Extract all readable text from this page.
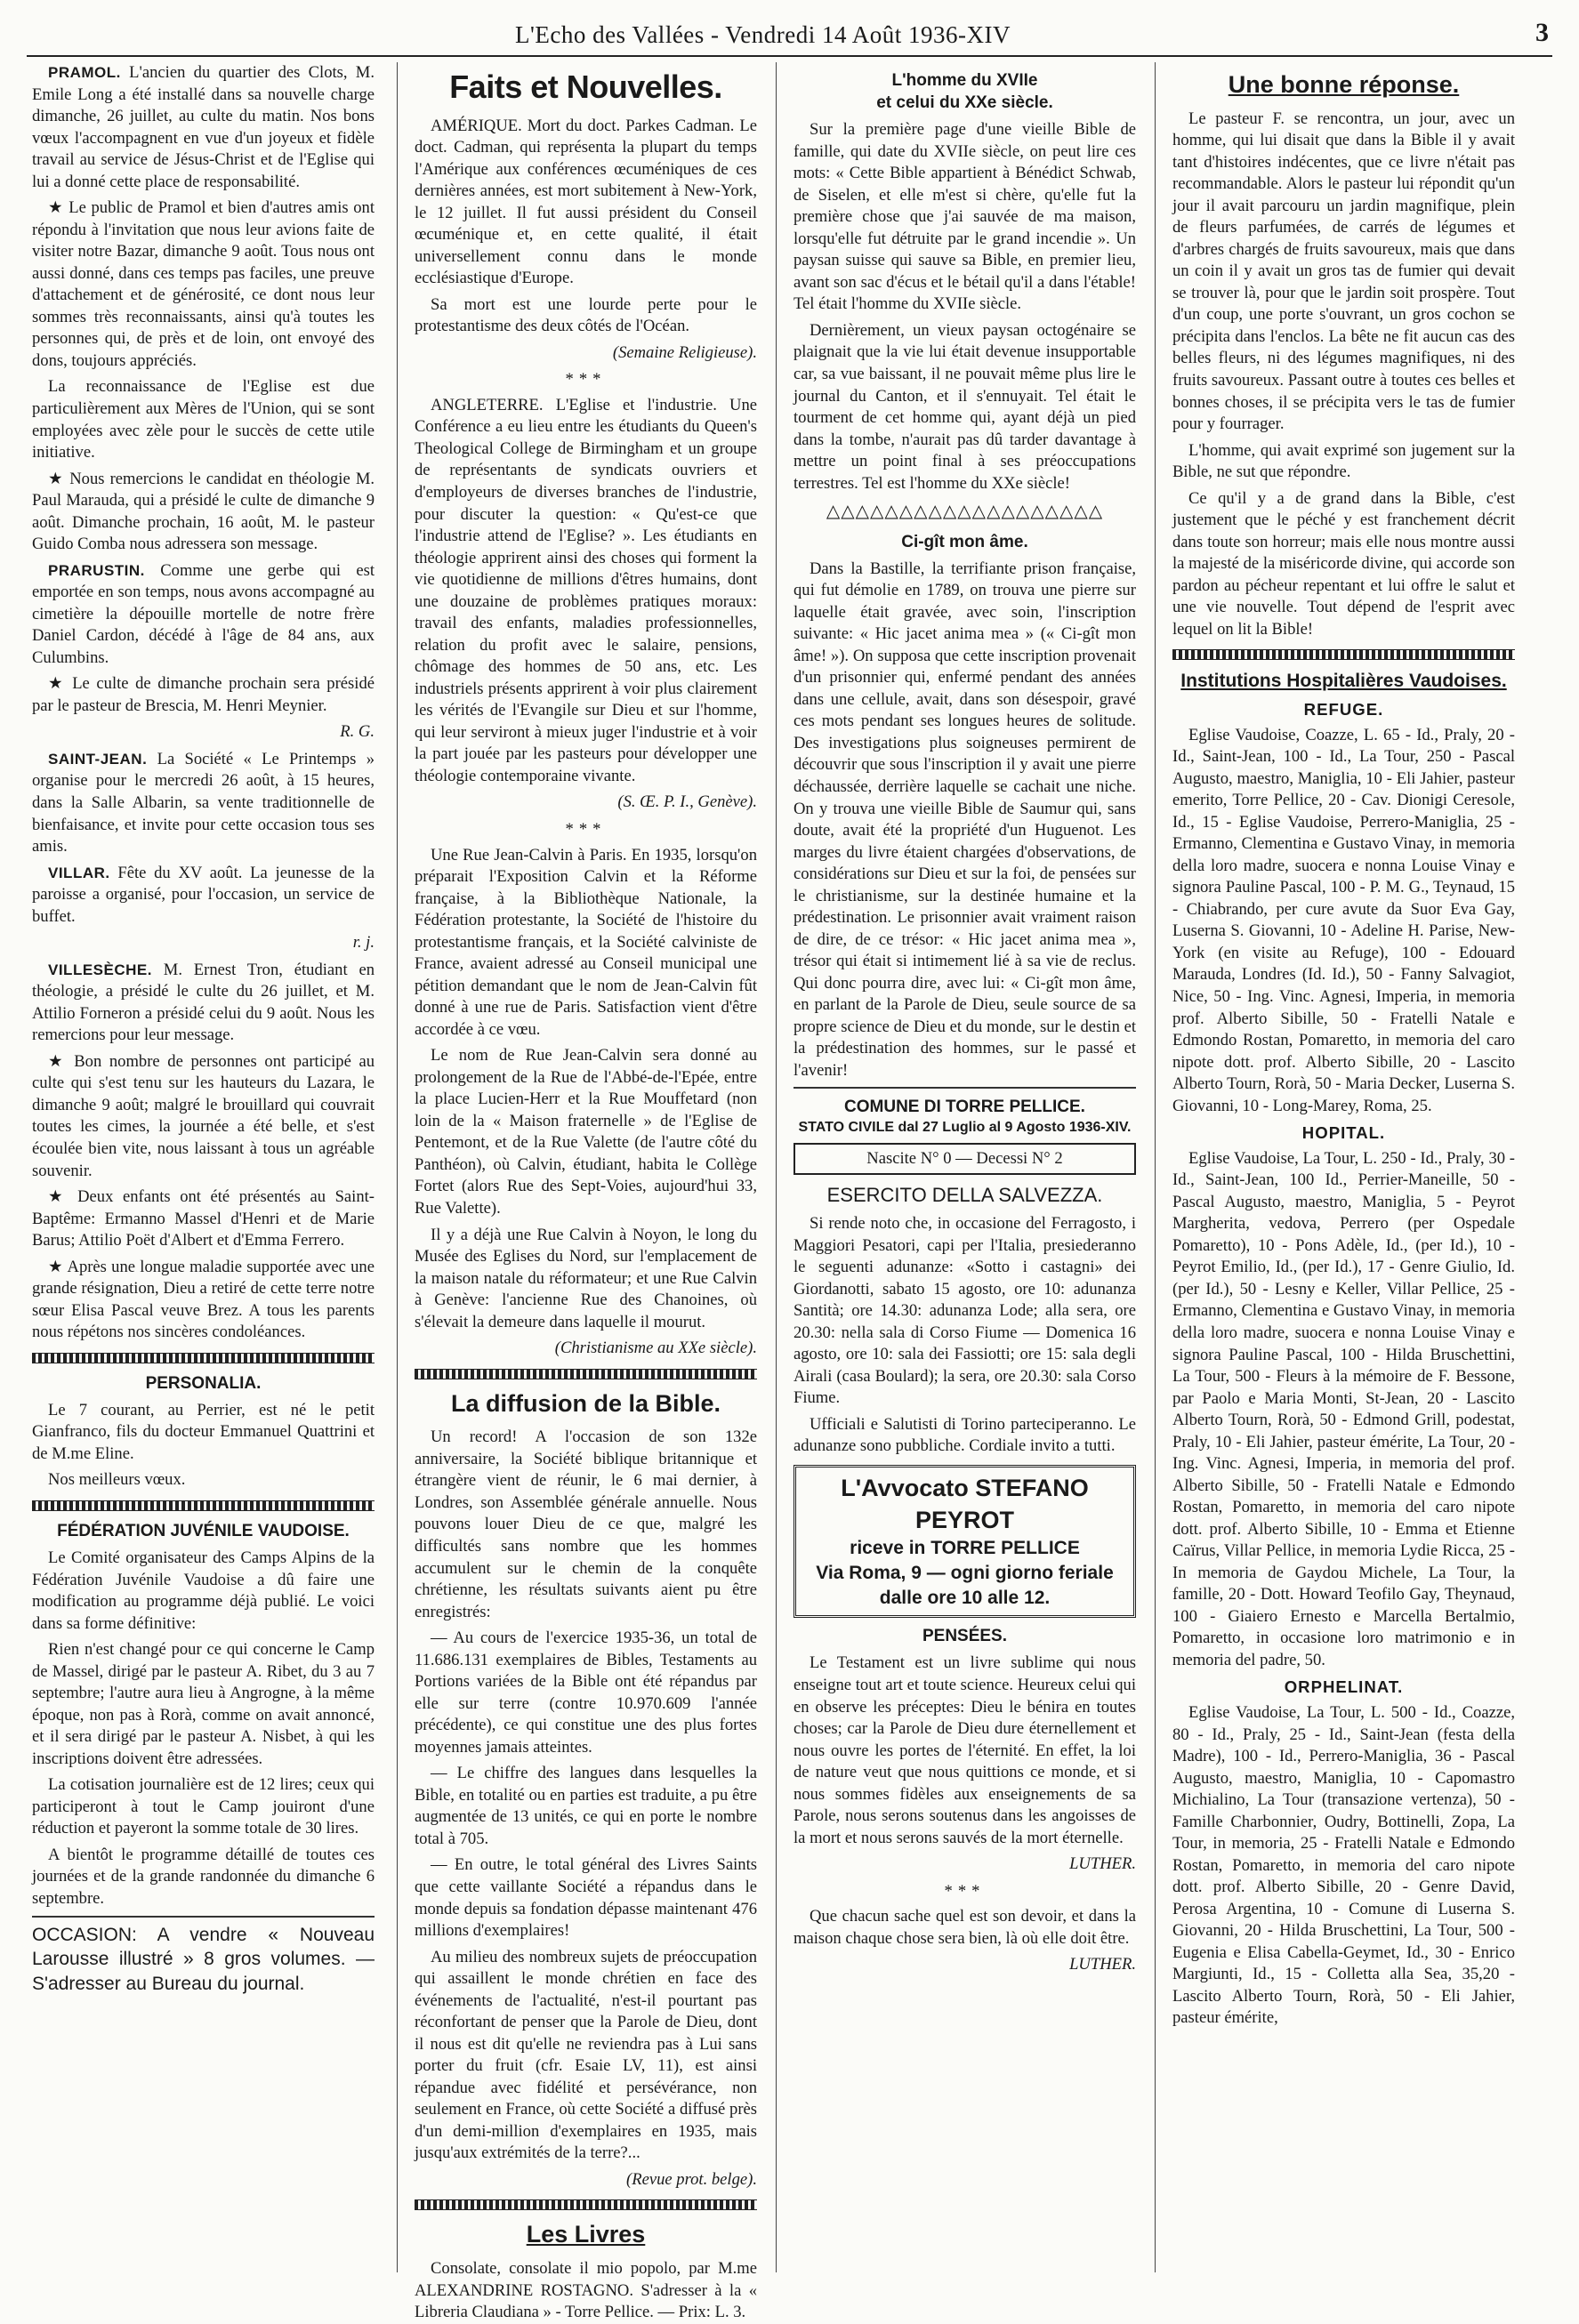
L'Echo des Vallées - Vendredi 14 Août 1936-XIV	3

PRAMOL. L'ancien du quartier des Clots, M. Emile Long a été installé dans sa nouvelle charge dimanche, 26 juillet, au culte du matin. Nos bons vœux l'accompagnent en vue d'un joyeux et fidèle travail au service de Jésus-Christ et de l'Eglise qui lui a donné cette place de responsabilité.

★ Le public de Pramol et bien d'autres amis ont répondu à l'invitation que nous leur avions faite de visiter notre Bazar, dimanche 9 août. Tous nous ont aussi donné, dans ces temps pas faciles, une preuve d'attachement et de générosité, ce dont nous leur sommes très reconnaissants, ainsi qu'à toutes les personnes qui, de près et de loin, ont envoyé des dons, toujours appréciés.

La reconnaissance de l'Eglise est due particulièrement aux Mères de l'Union, qui se sont employées avec zèle pour le succès de cette utile initiative.

★ Nous remercions le candidat en théologie M. Paul Marauda, qui a présidé le culte de dimanche 9 août. Dimanche prochain, 16 août, M. le pasteur Guido Comba nous adressera son message.

PRARUSTIN. Comme une gerbe qui est emportée en son temps, nous avons accompagné au cimetière la dépouille mortelle de notre frère Daniel Cardon, décédé à l'âge de 84 ans, aux Culumbins.

★ Le culte de dimanche prochain sera présidé par le pasteur de Brescia, M. Henri Meynier.

R. G.

SAINT-JEAN. La Société « Le Printemps » organise pour le mercredi 26 août, à 15 heures, dans la Salle Albarin, sa vente traditionnelle de bienfaisance, et invite pour cette occasion tous ses amis.

VILLAR. Fête du XV août. La jeunesse de la paroisse a organisé, pour l'occasion, un service de buffet.

r. j.

VILLESÈCHE. M. Ernest Tron, étudiant en théologie, a présidé le culte du 26 juillet, et M. Attilio Forneron a présidé celui du 9 août. Nous les remercions pour leur message.

★ Bon nombre de personnes ont participé au culte qui s'est tenu sur les hauteurs du Lazara, le dimanche 9 août; malgré le brouillard qui couvrait toutes les cimes, la journée a été belle, et s'est écoulée bien vite, nous laissant à tous un agréable souvenir.

★ Deux enfants ont été présentés au Saint-Baptême: Ermanno Massel d'Henri et de Marie Barus; Attilio Poët d'Albert et d'Emma Ferrero.

★ Après une longue maladie supportée avec une grande résignation, Dieu a retiré de cette terre notre sœur Elisa Pascal veuve Brez. A tous les parents nous répétons nos sincères condoléances.

PERSONALIA.

Le 7 courant, au Perrier, est né le petit Gianfranco, fils du docteur Emmanuel Quattrini et de M.me Eline.

Nos meilleurs vœux.

FÉDÉRATION JUVÉNILE VAUDOISE.

Le Comité organisateur des Camps Alpins de la Fédération Juvénile Vaudoise a dû faire une modification au programme déjà publié. Le voici dans sa forme définitive:

Rien n'est changé pour ce qui concerne le Camp de Massel, dirigé par le pasteur A. Ribet, du 3 au 7 septembre; l'autre aura lieu à Angrogne, à la même époque, non pas à Rorà, comme on avait annoncé, et il sera dirigé par le pasteur A. Nisbet, à qui les inscriptions doivent être adressées.

La cotisation journalière est de 12 lires; ceux qui participeront à tout le Camp jouiront d'une réduction et payeront la somme totale de 30 lires.

A bientôt le programme détaillé de toutes ces journées et de la grande randonnée du dimanche 6 septembre.

OCCASION: A vendre « Nouveau Larousse illustré » 8 gros volumes. — S'adresser au Bureau du journal.

Faits et Nouvelles.

AMÉRIQUE. Mort du doct. Parkes Cadman. Le doct. Cadman, qui représenta la plupart du temps l'Amérique aux conférences œcuméniques de ces dernières années, est mort subitement à New-York, le 12 juillet. Il fut aussi président du Conseil œcuménique et, en cette qualité, il était universellement connu dans le monde ecclésiastique d'Europe.

Sa mort est une lourde perte pour le protestantisme des deux côtés de l'Océan.

(Semaine Religieuse).

***

ANGLETERRE. L'Eglise et l'industrie. Une Conférence a eu lieu entre les étudiants du Queen's Theological College de Birmingham et un groupe de représentants de syndicats ouvriers et d'employeurs de diverses branches de l'industrie, pour discuter la question: « Qu'est-ce que l'industrie attend de l'Eglise? ». Les étudiants en théologie apprirent ainsi des choses qui forment la vie quotidienne de millions d'êtres humains, dont une douzaine de problèmes pratiques moraux: travail des enfants, maladies professionnelles, relation du profit avec le salaire, pensions, chômage des hommes de 50 ans, etc. Les industriels présents apprirent à voir plus clairement les vérités de l'Evangile sur Dieu et sur l'homme, qui leur serviront à mieux juger l'industrie et à voir la part jouée par les pasteurs pour développer une théologie contemporaine vivante.

(S. Œ. P. I., Genève).

***

Une Rue Jean-Calvin à Paris. En 1935, lorsqu'on préparait l'Exposition Calvin et la Réforme française, à la Bibliothèque Nationale, la Fédération protestante, la Société de l'histoire du protestantisme français, et la Société calviniste de France, avaient adressé au Conseil municipal une pétition demandant que le nom de Jean-Calvin fût donné à une rue de Paris. Satisfaction vient d'être accordée à ce vœu.

Le nom de Rue Jean-Calvin sera donné au prolongement de la Rue de l'Abbé-de-l'Epée, entre la place Lucien-Herr et la Rue Mouffetard (non loin de la « Maison fraternelle » de l'Eglise de Pentemont, et de la Rue Valette (de l'autre côté du Panthéon), où Calvin, étudiant, habita le Collège Fortet (alors Rue des Sept-Voies, aujourd'hui 33, Rue Valette).

Il y a déjà une Rue Calvin à Noyon, le long du Musée des Eglises du Nord, sur l'emplacement de la maison natale du réformateur; et une Rue Calvin à Genève: l'ancienne Rue des Chanoines, où s'élevait la demeure dans laquelle il mourut.

(Christianisme au XXe siècle).

La diffusion de la Bible.

Un record! A l'occasion de son 132e anniversaire, la Société biblique britannique et étrangère vient de réunir, le 6 mai dernier, à Londres, son Assemblée générale annuelle. Nous pouvons louer Dieu de ce que, malgré les difficultés sans nombre que les hommes accumulent sur le chemin de la conquête chrétienne, les résultats suivants aient pu être enregistrés:

— Au cours de l'exercice 1935-36, un total de 11.686.131 exemplaires de Bibles, Testaments au Portions variées de la Bible ont été répandus par elle sur terre (contre 10.970.609 l'année précédente), ce qui constitue une des plus fortes moyennes jamais atteintes.

— Le chiffre des langues dans lesquelles la Bible, en totalité ou en parties est traduite, a pu être augmentée de 13 unités, ce qui en porte le nombre total à 705.

— En outre, le total général des Livres Saints que cette vaillante Société a répandus dans le monde depuis sa fondation dépasse maintenant 476 millions d'exemplaires!

Au milieu des nombreux sujets de préoccupation qui assaillent le monde chrétien en face des événements de l'actualité, n'est-il pourtant pas réconfortant de penser que la Parole de Dieu, dont il nous est dit qu'elle ne reviendra pas à Lui sans porter du fruit (cfr. Esaie LV, 11), est ainsi répandue avec fidélité et persévérance, non seulement en France, où cette Société a diffusé près d'un demi-million d'exemplaires en 1935, mais jusqu'aux extrémités de la terre?...

(Revue prot. belge).

Les Livres

Consolate, consolate il mio popolo, par M.me ALEXANDRINE ROSTAGNO. S'adresser à la « Libreria Claudiana » - Torre Pellice. — Prix: L. 3.

L'homme du XVIIe
et celui du XXe siècle.

Sur la première page d'une vieille Bible de famille, qui date du XVIIe siècle, on peut lire ces mots: « Cette Bible appartient à Bénédict Schwab, de Siselen, et elle m'est si chère, qu'elle fut la première chose que j'ai sauvée de ma maison, lorsqu'elle fut détruite par le grand incendie ». Un paysan suisse qui sauve sa Bible, en premier lieu, avant son sac d'écus et le bétail qu'il a dans l'étable! Tel était l'homme du XVIIe siècle.

Dernièrement, un vieux paysan octogénaire se plaignait que la vie lui était devenue insupportable car, sa vue baissant, il ne pouvait même plus lire le journal du Canton, et il s'ennuyait. Tel était le tourment de cet homme qui, ayant déjà un pied dans la tombe, n'aurait pas dû tarder davantage à mettre un point final à ses préoccupations terrestres. Tel est l'homme du XXe siècle!

△△△△△△△△△△△△△△△△△△△
Ci-gît mon âme.

Dans la Bastille, la terrifiante prison française, qui fut démolie en 1789, on trouva une pierre sur laquelle était gravée, avec soin, l'inscription suivante: « Hic jacet anima mea » (« Ci-gît mon âme! »). On supposa que cette inscription provenait d'un prisonnier qui, enfermé pendant des années dans une cellule, avait, dans son désespoir, gravé ces mots pendant ses longues heures de solitude. Des investigations plus soigneuses permirent de découvrir que sous l'inscription il y avait une pierre déchaussée, derrière laquelle se cachait une niche. On y trouva une vieille Bible de Saumur qui, sans doute, avait été la propriété d'un Huguenot. Les marges du livre étaient chargées d'observations, de considérations sur Dieu et sur la foi, de pensées sur le christianisme, sur la destinée humaine et la prédestination. Le prisonnier avait vraiment raison de dire, de ce trésor: « Hic jacet anima mea », trésor qui était si intimement lié à sa vie de reclus. Qui donc pourra dire, avec lui: « Ci-gît mon âme, en parlant de la Parole de Dieu, seule source de sa propre science de Dieu et du monde, sur le destin et la prédestination des hommes, sur le passé et l'avenir!

COMUNE DI TORRE PELLICE.
STATO CIVILE dal 27 Luglio al 9 Agosto 1936-XIV.
Nascite N° 0 — Decessi N° 2
ESERCITO DELLA SALVEZZA.

Si rende noto che, in occasione del Ferragosto, i Maggiori Pesatori, capi per l'Italia, presiederanno le seguenti adunanze: «Sotto i castagni» dei Giordanotti, sabato 15 agosto, ore 10: adunanza Santità; ore 14.30: adunanza Lode; alla sera, ore 20.30: nella sala di Corso Fiume — Domenica 16 agosto, ore 10: sala dei Fassiotti; ore 15: sala degli Airali (casa Boulard); la sera, ore 20.30: sala Corso Fiume.

Ufficiali e Salutisti di Torino parteciperanno. Le adunanze sono pubbliche. Cordiale invito a tutti.

L'Avvocato STEFANO PEYROT
riceve in TORRE PELLICE
Via Roma, 9 — ogni giorno feriale
dalle ore 10 alle 12.
PENSÉES.

Le Testament est un livre sublime qui nous enseigne tout art et toute science. Heureux celui qui en observe les préceptes: Dieu le bénira en toutes choses; car la Parole de Dieu dure éternellement et nous ouvre les portes de l'éternité. En effet, la loi de nature veut que nous quittions ce monde, et si nous sommes fidèles aux enseignements de sa Parole, nous serons soutenus dans les angoisses de la mort et nous serons sauvés de la mort éternelle.

LUTHER.

***

Que chacun sache quel est son devoir, et dans la maison chaque chose sera bien, là où elle doit être.

LUTHER.

Une bonne réponse.

Le pasteur F. se rencontra, un jour, avec un homme, qui lui disait que dans la Bible il y avait tant d'histoires indécentes, que ce livre n'était pas recommandable. Alors le pasteur lui répondit qu'un jour il avait parcouru un jardin magnifique, plein de fleurs parfumées, de carrés de légumes et d'arbres chargés de fruits savoureux, mais que dans un coin il y avait un gros tas de fumier qui devait se trouver là, pour que le jardin soit prospère. Tout d'un coup, une porte s'ouvrant, un gros cochon se précipita dans l'enclos. La bête ne fit aucun cas des belles fleurs, ni des légumes magnifiques, ni des fruits savoureux. Passant outre à toutes ces belles et bonnes choses, il se précipita vers le tas de fumier pour y fourrager.

L'homme, qui avait exprimé son jugement sur la Bible, ne sut que répondre.

Ce qu'il y a de grand dans la Bible, c'est justement que le péché y est franchement décrit dans toute son horreur; mais elle nous montre aussi la majesté de la miséricorde divine, qui accorde son pardon au pécheur repentant et lui offre le salut et une vie nouvelle. Tout dépend de l'esprit avec lequel on lit la Bible!

Institutions Hospitalières Vaudoises.
REFUGE.

Eglise Vaudoise, Coazze, L. 65 - Id., Praly, 20 - Id., Saint-Jean, 100 - Id., La Tour, 250 - Pascal Augusto, maestro, Maniglia, 10 - Eli Jahier, pasteur emerito, Torre Pellice, 20 - Cav. Dionigi Ceresole, Id., 15 - Eglise Vaudoise, Perrero-Maniglia, 25 - Ermanno, Clementina e Gustavo Vinay, in memoria della loro madre, suocera e nonna Louise Vinay e signora Pauline Pascal, 100 - P. M. G., Teynaud, 15 - Chiabrando, per cure avute da Suor Eva Gay, Luserna S. Giovanni, 10 - Adeline H. Parise, New-York (en visite au Refuge), 100 - Edouard Marauda, Londres (Id. Id.), 50 - Fanny Salvagiot, Nice, 50 - Ing. Vinc. Agnesi, Imperia, in memoria prof. Alberto Sibille, 50 - Fratelli Natale e Edmondo Rostan, Pomaretto, in memoria del caro nipote dott. prof. Alberto Sibille, 20 - Lascito Alberto Tourn, Rorà, 50 - Maria Decker, Luserna S. Giovanni, 10 - Long-Marey, Roma, 25.

HOPITAL.

Eglise Vaudoise, La Tour, L. 250 - Id., Praly, 30 - Id., Saint-Jean, 100 Id., Perrier-Maneille, 50 - Pascal Augusto, maestro, Maniglia, 5 - Peyrot Margherita, vedova, Perrero (per Ospedale Pomaretto), 10 - Pons Adèle, Id., (per Id.), 10 - Peyrot Emilio, Id., (per Id.), 17 - Genre Giulio, Id. (per Id.), 50 - Lesny e Keller, Villar Pellice, 25 - Ermanno, Clementina e Gustavo Vinay, in memoria della loro madre, suocera e nonna Louise Vinay e signora Pauline Pascal, 100 - Hilda Bruschettini, La Tour, 500 - Fleurs à la mémoire de F. Bessone, par Paolo e Maria Monti, St-Jean, 20 - Lascito Alberto Tourn, Rorà, 50 - Edmond Grill, podestat, Praly, 10 - Eli Jahier, pasteur émérite, La Tour, 20 - Ing. Vinc. Agnesi, Imperia, in memoria del prof. Alberto Sibille, 50 - Fratelli Natale e Edmondo Rostan, Pomaretto, in memoria del caro nipote dott. prof. Alberto Sibille, 10 - Emma et Etienne Caïrus, Villar Pellice, in memoria Lydie Ricca, 25 - In memoria de Gaydou Michele, La Tour, la famille, 20 - Dott. Howard Teofilo Gay, Theynaud, 100 - Giaiero Ernesto e Marcella Bertalmio, Pomaretto, in occasione loro matrimonio e in memoria del padre, 50.

ORPHELINAT.

Eglise Vaudoise, La Tour, L. 500 - Id., Coazze, 80 - Id., Praly, 25 - Id., Saint-Jean (festa della Madre), 100 - Id., Perrero-Maniglia, 36 - Pascal Augusto, maestro, Maniglia, 10 - Capomastro Michialino, La Tour (transazione vertenza), 50 - Famille Charbonnier, Oudry, Bottinelli, Zopa, La Tour, in memoria, 25 - Fratelli Natale e Edmondo Rostan, Pomaretto, in memoria del caro nipote dott. prof. Alberto Sibille, 20 - Genre David, Perosa Argentina, 10 - Comune di Luserna S. Giovanni, 20 - Hilda Bruschettini, La Tour, 500 - Eugenia e Elisa Cabella-Geymet, Id., 30 - Enrico Margiunti, Id., 15 - Colletta alla Sea, 35,20 - Lascito Alberto Tourn, Rorà, 50 - Eli Jahier, pasteur émérite,
